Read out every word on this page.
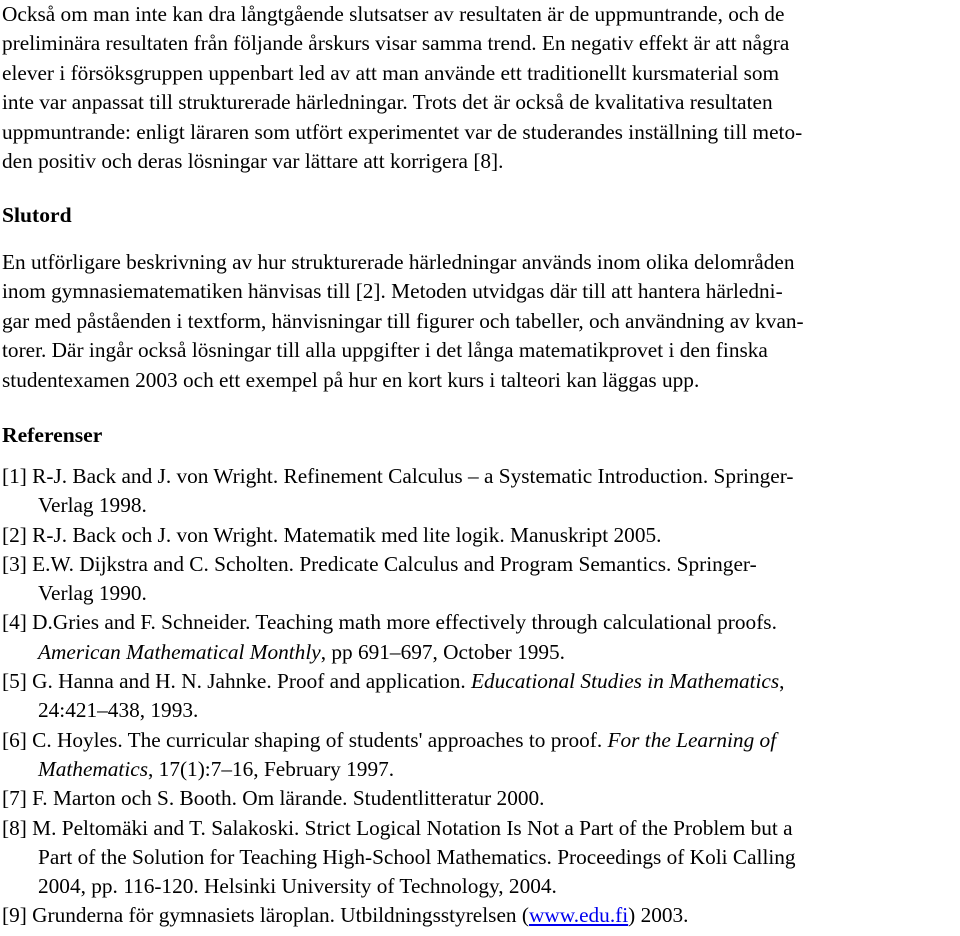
Också om man inte kan dra långtgående slutsatser av resultaten är de uppmuntrande, och de
preliminära resultaten från följande årskurs visar samma trend. En negativ effekt är att några
elever i försöksgruppen uppenbart led av att man använde ett traditionellt kursmaterial som
inte var anpassat till strukturerade härledningar. Trots det är också de kvalitativa resultaten
uppmuntrande: enligt läraren som utfört experimentet var de studerandes inställning till meto-
den positiv och deras lösningar var lättare att korrigera [8].
Slutord
En utförligare beskrivning av hur strukturerade härledningar används inom olika delområden
inom gymnasiematematiken hänvisas till [2]. Metoden utvidgas där till att hantera härledni-
gar med påståenden i textform, hänvisningar till figurer och tabeller, och användning av kvan-
torer. Där ingår också lösningar till alla uppgifter i det långa matematikprovet i den finska
studentexamen 2003 och ett exempel på hur en kort kurs i talteori kan läggas upp.
Referenser
[1] R-J. Back and J. von Wright. Refinement Calculus – a Systematic Introduction. Springer-
Verlag 1998.
[2] R-J. Back och J. von Wright. Matematik med lite logik. Manuskript 2005.
[3] E.W. Dijkstra and C. Scholten. Predicate Calculus and Program Semantics. Springer-
Verlag 1990.
[4] D.Gries and F. Schneider. Teaching math more effectively through calculational proofs.
American Mathematical Monthly, pp 691–697, October 1995.
[5] G. Hanna and H. N. Jahnke. Proof and application. Educational Studies in Mathematics,
24:421–438, 1993.
[6] C. Hoyles. The curricular shaping of students' approaches to proof. For the Learning of
Mathematics, 17(1):7–16, February 1997.
[7] F. Marton och S. Booth. Om lärande. Studentlitteratur 2000.
[8] M. Peltomäki and T. Salakoski. Strict Logical Notation Is Not a Part of the Problem but a
Part of the Solution for Teaching High-School Mathematics. Proceedings of Koli Calling
2004, pp. 116-120. Helsinki University of Technology, 2004.
[9] Grunderna för gymnasiets läroplan. Utbildningsstyrelsen (www.edu.fi) 2003.
